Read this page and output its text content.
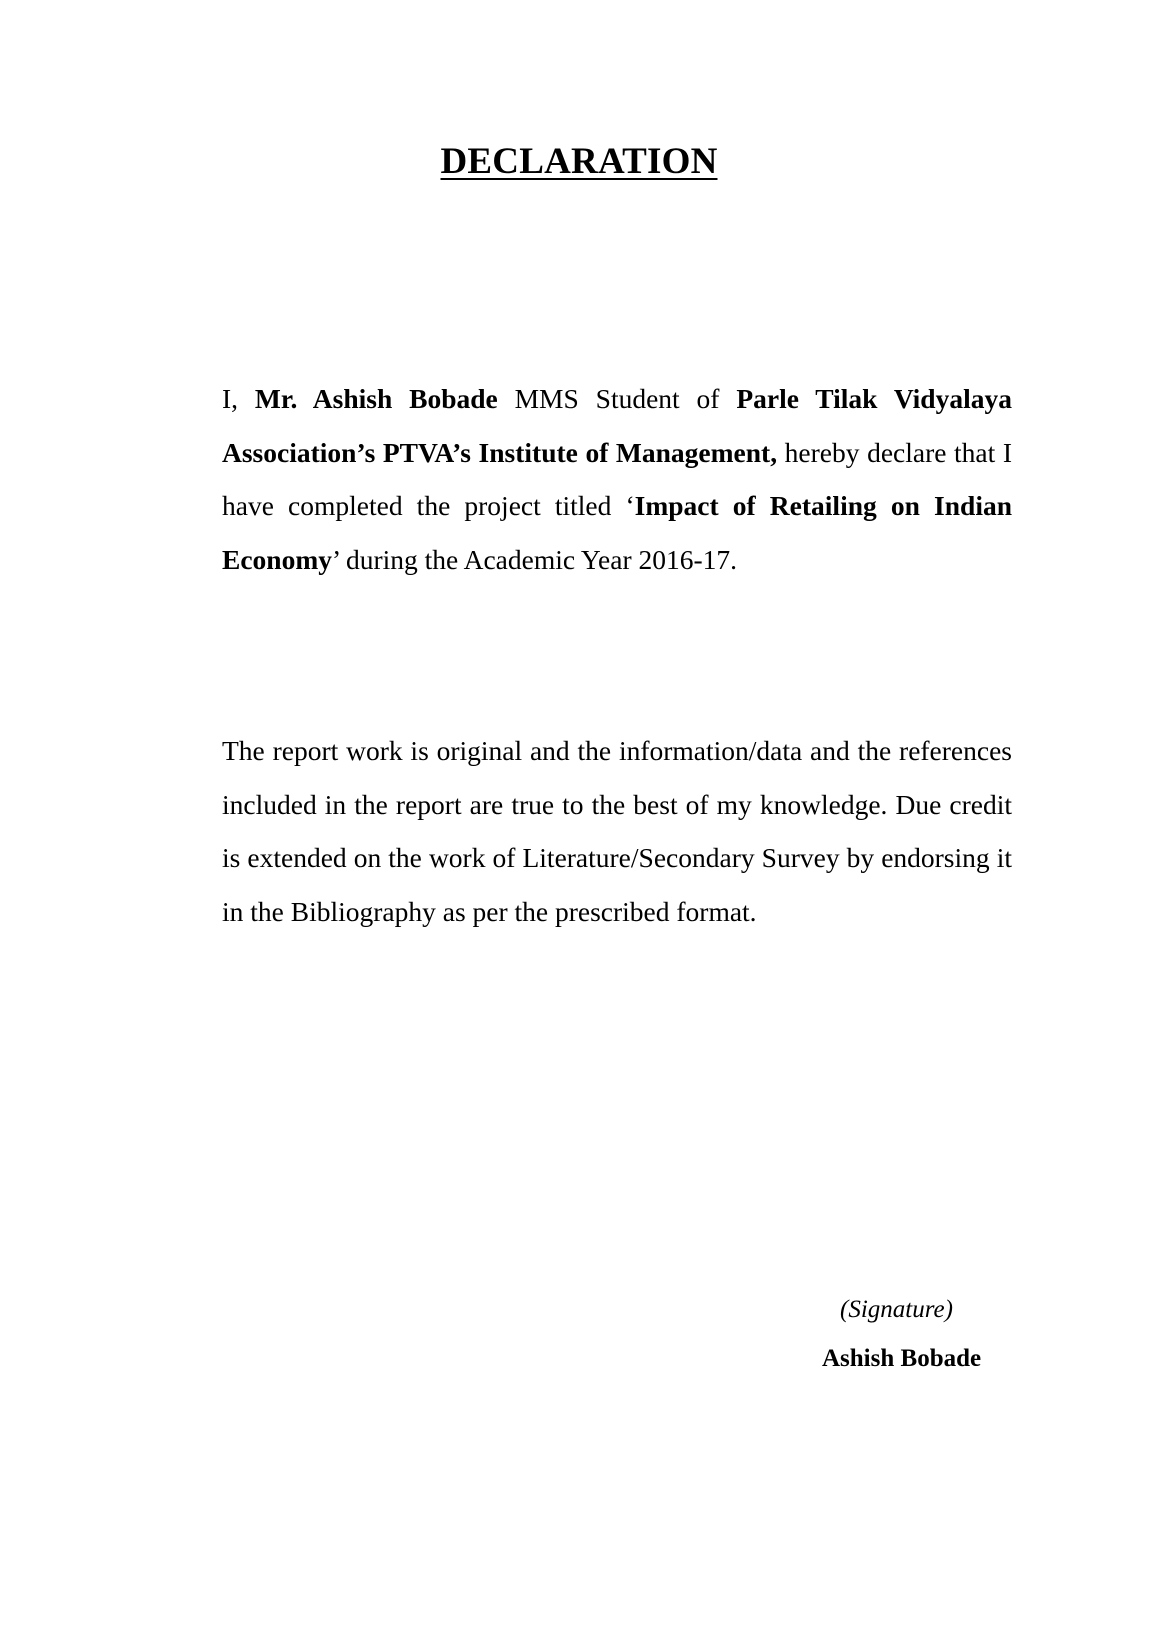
DECLARATION

I, Mr. Ashish Bobade MMS Student of Parle Tilak Vidyalaya Association’s PTVA’s Institute of Management, hereby declare that I have completed the project titled ‘Impact of Retailing on Indian Economy’ during the Academic Year 2016-17.

The report work is original and the information/data and the references included in the report are true to the best of my knowledge. Due credit is extended on the work of Literature/Secondary Survey by endorsing it in the Bibliography as per the prescribed format.

(Signature)

Ashish Bobade
